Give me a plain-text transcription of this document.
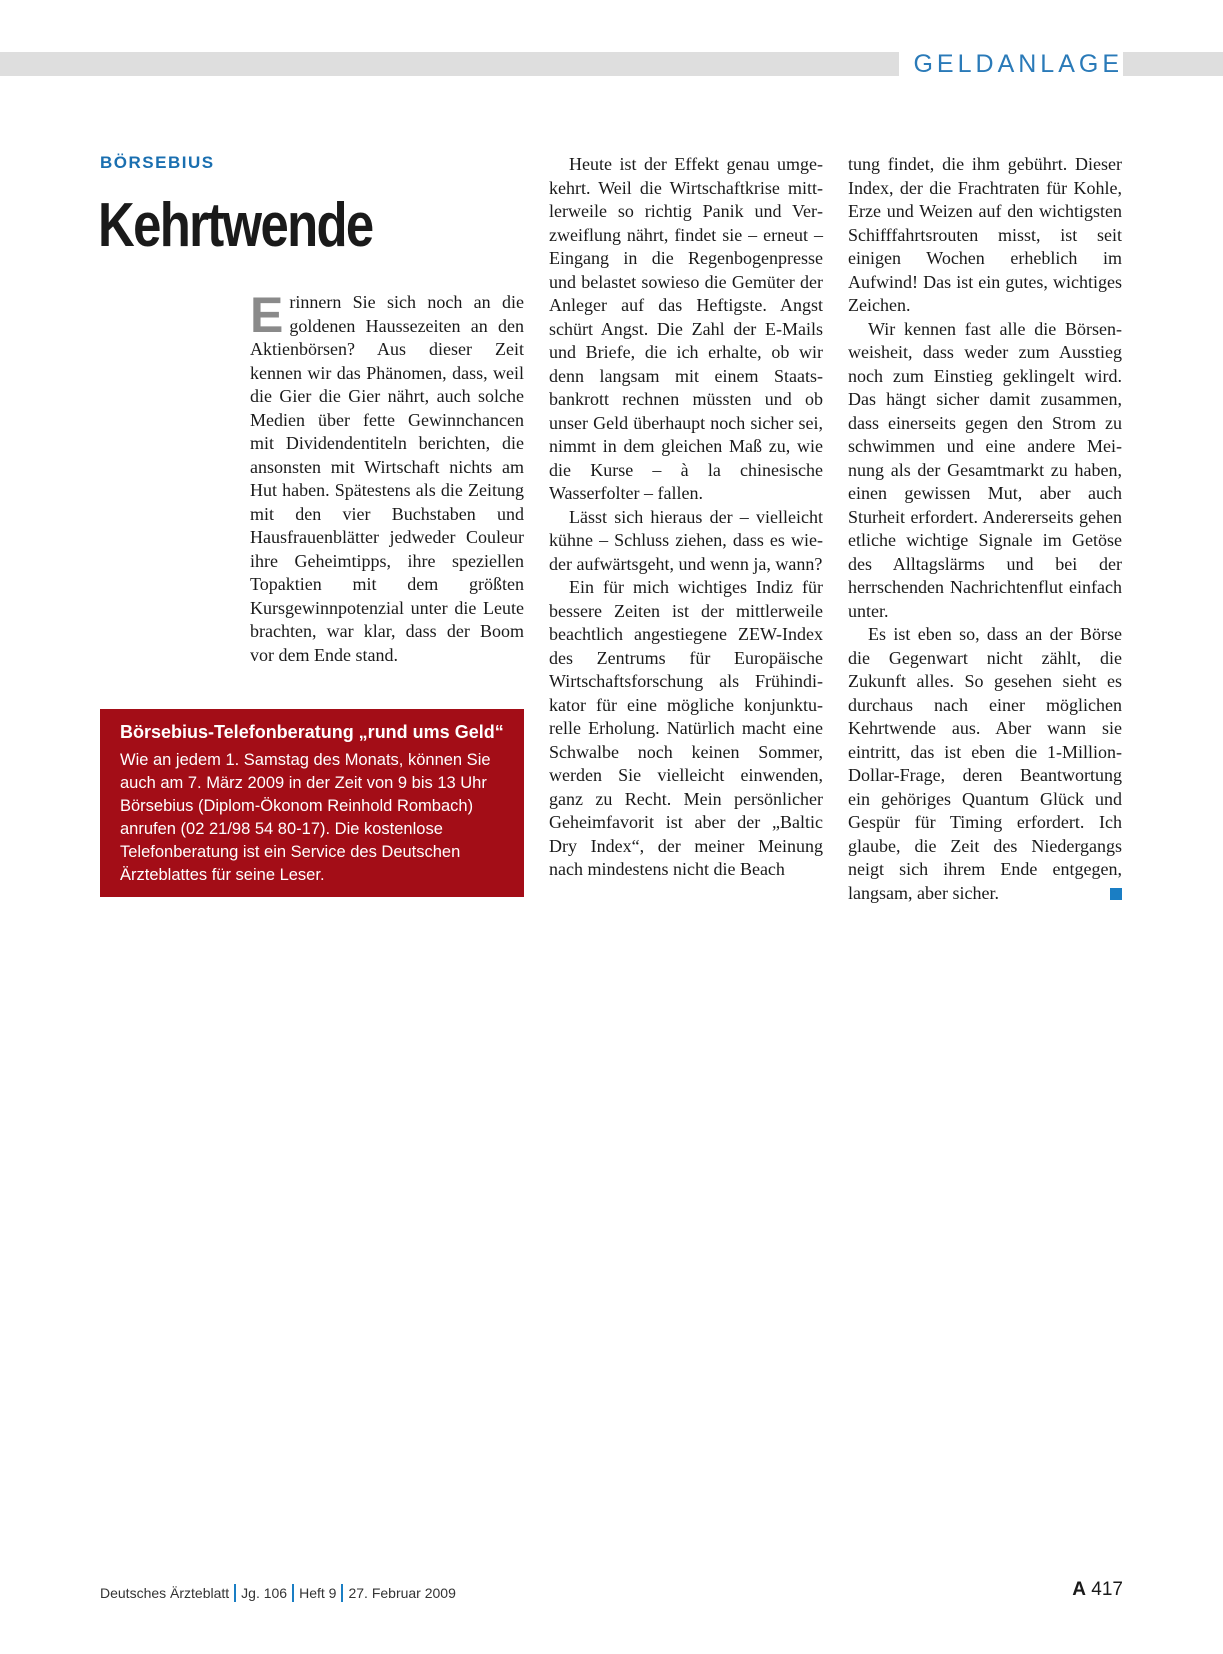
GELDANLAGE
BÖRSEBIUS
Kehrtwende

Erinnern Sie sich noch an die goldenen Haussezeiten an den Aktienbörsen? Aus dieser Zeit kennen wir das Phänomen, dass, weil die Gier die Gier nährt, auch solche Medien über fette Gewinnchancen mit Dividendentiteln berichten, die ansonsten mit Wirtschaft nichts am Hut haben. Spätestens als die Zeitung mit den vier Buchstaben und Hausfrauenblätter jedweder Couleur ihre Geheimtipps, ihre speziellen Topaktien mit dem größten Kursgewinnpotenzial unter die Leute brachten, war klar, dass der Boom vor dem Ende stand.

Börsebius-Telefonberatung „rund ums Geld“

Wie an jedem 1. Samstag des Monats, können Sie auch am 7. März 2009 in der Zeit von 9 bis 13 Uhr Börsebius (Diplom-Ökonom Reinhold Rombach) anrufen (02 21/98 54 80-17). Die kostenlose Telefonberatung ist ein Service des Deutschen Ärzteblattes für seine Leser.

Heute ist der Effekt genau umgekehrt. Weil die Wirtschaftkrise mittlerweile so richtig Panik und Verzweiflung nährt, findet sie – erneut – Eingang in die Regenbogenpresse und belastet sowieso die Gemüter der Anleger auf das Heftigste. Angst schürt Angst. Die Zahl der E-Mails und Briefe, die ich erhalte, ob wir denn langsam mit einem Staatsbankrott rechnen müssten und ob unser Geld überhaupt noch sicher sei, nimmt in dem gleichen Maß zu, wie die Kurse – à la chinesische Wasserfolter – fallen.

Lässt sich hieraus der – vielleicht kühne – Schluss ziehen, dass es wieder aufwärtsgeht, und wenn ja, wann?

Ein für mich wichtiges Indiz für bessere Zeiten ist der mittlerweile beachtlich angestiegene ZEW-Index des Zentrums für Europäische Wirtschaftsforschung als Frühindikator für eine mögliche konjunkturelle Erholung. Natürlich macht eine Schwalbe noch keinen Sommer, werden Sie vielleicht einwenden, ganz zu Recht. Mein persönlicher Geheimfavorit ist aber der „Baltic Dry Index“, der meiner Meinung nach mindestens nicht die Beach

tung findet, die ihm gebührt. Dieser Index, der die Frachtraten für Kohle, Erze und Weizen auf den wichtigsten Schifffahrtsrouten misst, ist seit einigen Wochen erheblich im Aufwind! Das ist ein gutes, wichtiges Zeichen.

Wir kennen fast alle die Börsenweisheit, dass weder zum Ausstieg noch zum Einstieg geklingelt wird. Das hängt sicher damit zusammen, dass einerseits gegen den Strom zu schwimmen und eine andere Meinung als der Gesamtmarkt zu haben, einen gewissen Mut, aber auch Sturheit erfordert. Andererseits gehen etliche wichtige Signale im Getöse des Alltagslärms und bei der herrschenden Nachrichtenflut einfach unter.

Es ist eben so, dass an der Börse die Gegenwart nicht zählt, die Zukunft alles. So gesehen sieht es durchaus nach einer möglichen Kehrtwende aus. Aber wann sie eintritt, das ist eben die 1-Million-Dollar-Frage, deren Beantwortung ein gehöriges Quantum Glück und Gespür für Timing erfordert. Ich glaube, die Zeit des Niedergangs neigt sich ihrem Ende entgegen, langsam, aber sicher.

Deutsches Ärzteblatt Jg. 106 Heft 9 27. Februar 2009	A 417
